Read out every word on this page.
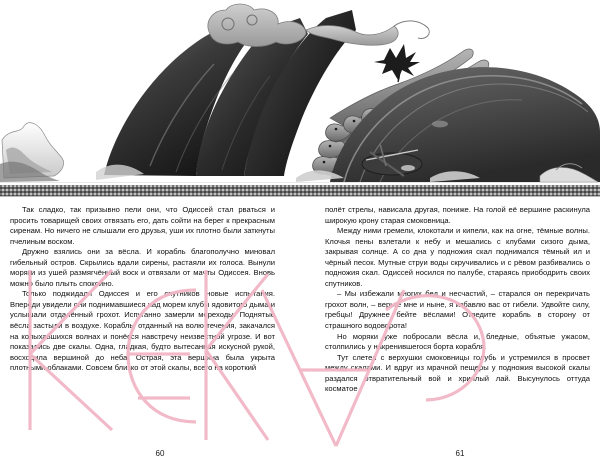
Так сладко, так призывно пели они, что Одиссей стал рваться и просить товарищей своих отвязать его, дать сойти на берег к прекрасным сиренам. Но ничего не слышали его друзья, уши их плотно были заткнуты пчелиным воском.

Дружно взялись они за вёсла. И корабль благополучно миновал гибельный остров. Скрылись вдали сирены, растаяли их голоса. Вынули моряки из ушей размягчённый воск и отвязали от мачты Одиссея. Вновь можно было плыть спокойно.

Только поджидали Одиссея и его спутников новые испытания. Впереди увидели они поднимавшиеся над морем клубы ядовитого дыма и услышали отдалённый грохот. Испуганно замерли мореходы. Поднятые вёсла застыли в воздухе. Корабль, отданный на волю течения, закачался на колыхавшихся волнах и понёсся навстречу неизвестной угрозе. И вот показались две скалы. Одна, гладкая, будто вытесанная искусной рукой, восходила вершиной до неба. Острая, эта вершина была укрыта плотными облаками. Совсем близко от этой скалы, всего на короткий

полёт стрелы, нависала другая, пониже. На голой её вершине раскинула широкую крону старая смоковница.

Между ними гремели, клокотали и кипели, как на огне, тёмные волны. Клочья пены взлетали к небу и мешались с клубами сизого дыма, закрывая солнце. А со дна у подножия скал поднимался тёмный ил и чёрный песок. Мутные струи воды скручивались и с рёвом разбивались о подножия скал. Одиссей носился по палубе, стараясь приободрить своих спутников.

– Мы избежали многих бед и несчастий, – старался он перекричать грохот волн, – верьте мне и ныне, я избавлю вас от гибели. Удвойте силу, гребцы! Дружнее бейте вёслами! Отведите корабль в сторону от страшного водоворота!

Но моряки уже побросали вёсла и, бледные, объятые ужасом, столпились у накренившегося борта корабля.

Тут слетел с верхушки смоковницы голубь и устремился в просвет между скалами. И вдруг из мрачной пещеры у подножия высокой скалы раздался отвратительный вой и хриплый лай. Высунулось оттуда косматое

60	61
